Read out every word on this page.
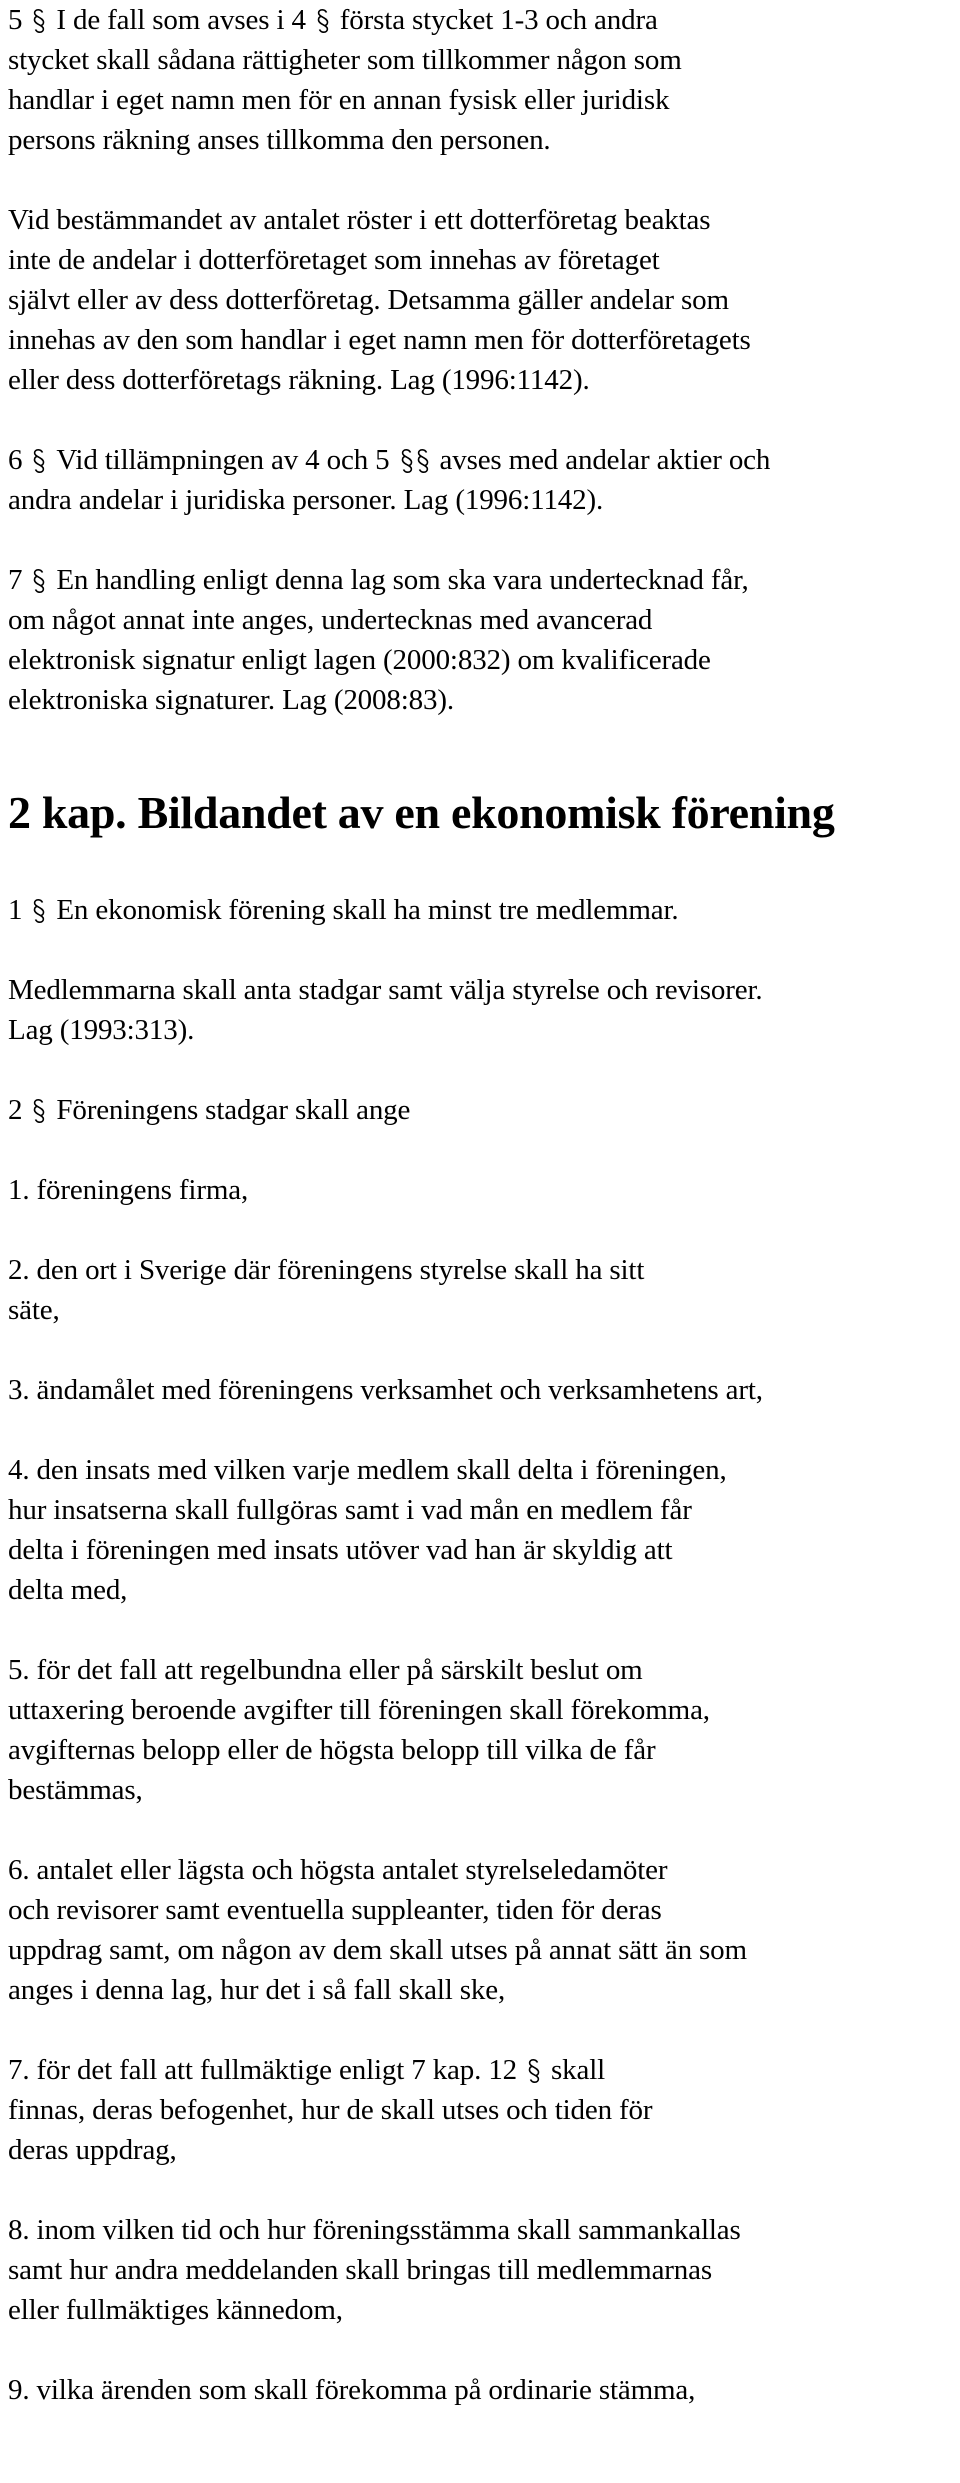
5 I de fall som avses i 4 första stycket 1-3 och andra
stycket skall sådana rättigheter som tillkommer någon som
handlar i eget namn men för en annan fysisk eller juridisk
persons räkning anses tillkomma den personen.
Vid bestämmandet av antalet röster i ett dotterföretag beaktas
inte de andelar i dotterföretaget som innehas av företaget
självt eller av dess dotterföretag. Detsamma gäller andelar som
innehas av den som handlar i eget namn men för dotterföretagets
eller dess dotterföretags räkning. Lag (1996:1142).
6 Vid tillämpningen av 4 och 5 avses med andelar aktier och
andra andelar i juridiska personer. Lag (1996:1142).
7 En handling enligt denna lag som ska vara undertecknad får,
om något annat inte anges, undertecknas med avancerad
elektronisk signatur enligt lagen (2000:832) om kvalificerade
elektroniska signaturer. Lag (2008:83).
2 kap. Bildandet av en ekonomisk förening
1 En ekonomisk förening skall ha minst tre medlemmar.
Medlemmarna skall anta stadgar samt välja styrelse och revisorer.
Lag (1993:313).
2 Föreningens stadgar skall ange
1. föreningens firma,
2. den ort i Sverige där föreningens styrelse skall ha sitt
säte,
3. ändamålet med föreningens verksamhet och verksamhetens art,
4. den insats med vilken varje medlem skall delta i föreningen,
hur insatserna skall fullgöras samt i vad mån en medlem får
delta i föreningen med insats utöver vad han är skyldig att
delta med,
5. för det fall att regelbundna eller på särskilt beslut om
uttaxering beroende avgifter till föreningen skall förekomma,
avgifternas belopp eller de högsta belopp till vilka de får
bestämmas,
6. antalet eller lägsta och högsta antalet styrelseledamöter
och revisorer samt eventuella suppleanter, tiden för deras
uppdrag samt, om någon av dem skall utses på annat sätt än som
anges i denna lag, hur det i så fall skall ske,
7. för det fall att fullmäktige enligt 7 kap. 12 skall
finnas, deras befogenhet, hur de skall utses och tiden för
deras uppdrag,
8. inom vilken tid och hur föreningsstämma skall sammankallas
samt hur andra meddelanden skall bringas till medlemmarnas
eller fullmäktiges kännedom,
9. vilka ärenden som skall förekomma på ordinarie stämma,
